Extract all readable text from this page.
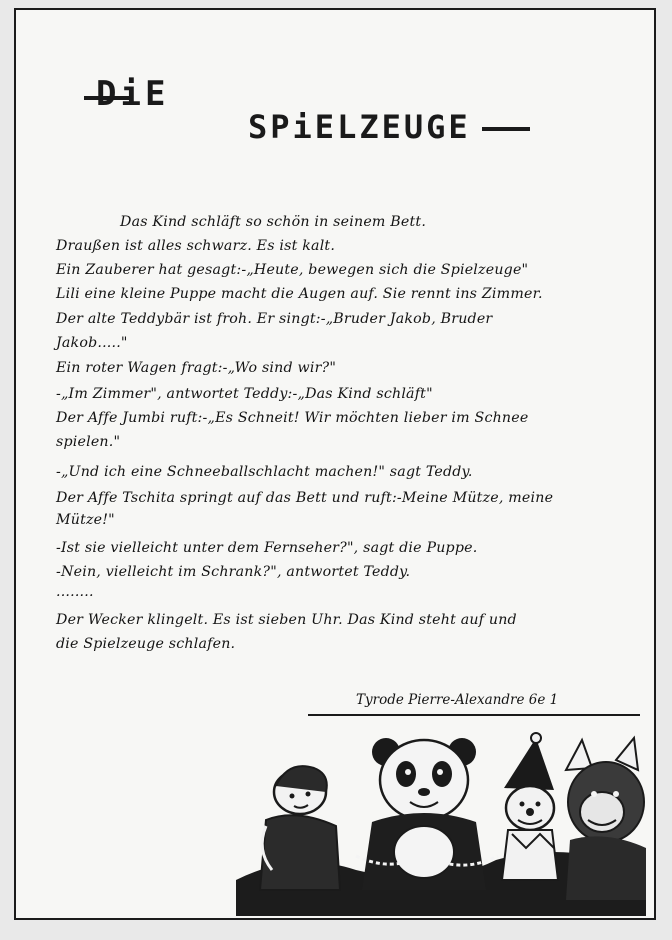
DiE
SPiELZEUGE
Das Kind schläft so schön in seinem Bett.
Draußen ist alles schwarz. Es ist kalt.
Ein Zauberer hat gesagt:-„Heute, bewegen sich die Spielzeuge"
Lili eine kleine Puppe macht die Augen auf. Sie rennt ins Zimmer.
Der alte Teddybär ist froh. Er singt:-„Bruder Jakob, Bruder
Jakob....."
Ein roter Wagen fragt:-„Wo sind wir?"
-„Im Zimmer", antwortet Teddy:-„Das Kind schläft"
Der Affe Jumbi ruft:-„Es Schneit! Wir möchten lieber im Schnee
spielen."
-„Und ich eine Schneeballschlacht machen!" sagt Teddy.
Der Affe Tschita springt auf das Bett und ruft:-Meine Mütze, meine
Mütze!"
-Ist sie vielleicht unter dem Fernseher?", sagt die Puppe.
-Nein, vielleicht im Schrank?", antwortet Teddy.
........
Der Wecker klingelt. Es ist sieben Uhr. Das Kind steht auf und
die Spielzeuge schlafen.
Tyrode Pierre-Alexandre 6e 1
